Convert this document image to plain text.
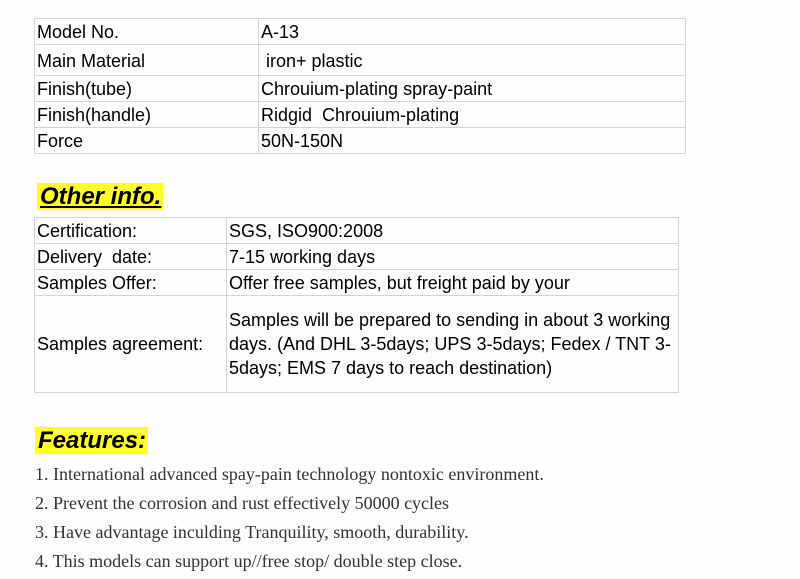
Model No.	A-13
Main Material	iron+ plastic
Finish(tube)	Chrouium-plating spray-paint
Finish(handle)	Ridgid  Chrouium-plating
Force	50N-150N
Other info.
Certification:	SGS, ISO900:2008
Delivery  date:	7-15 working days
Samples Offer:	Offer free samples, but freight paid by your
Samples agreement:	Samples will be prepared to sending in about 3 working days. (And DHL 3-5days; UPS 3-5days; Fedex / TNT 3-5days; EMS 7 days to reach destination)
Features:
1. International advanced spay-pain technology nontoxic environment.
2. Prevent the corrosion and rust effectively 50000 cycles
3. Have advantage inculding Tranquility, smooth, durability.
4. This models can support up//free stop/ double step close.
